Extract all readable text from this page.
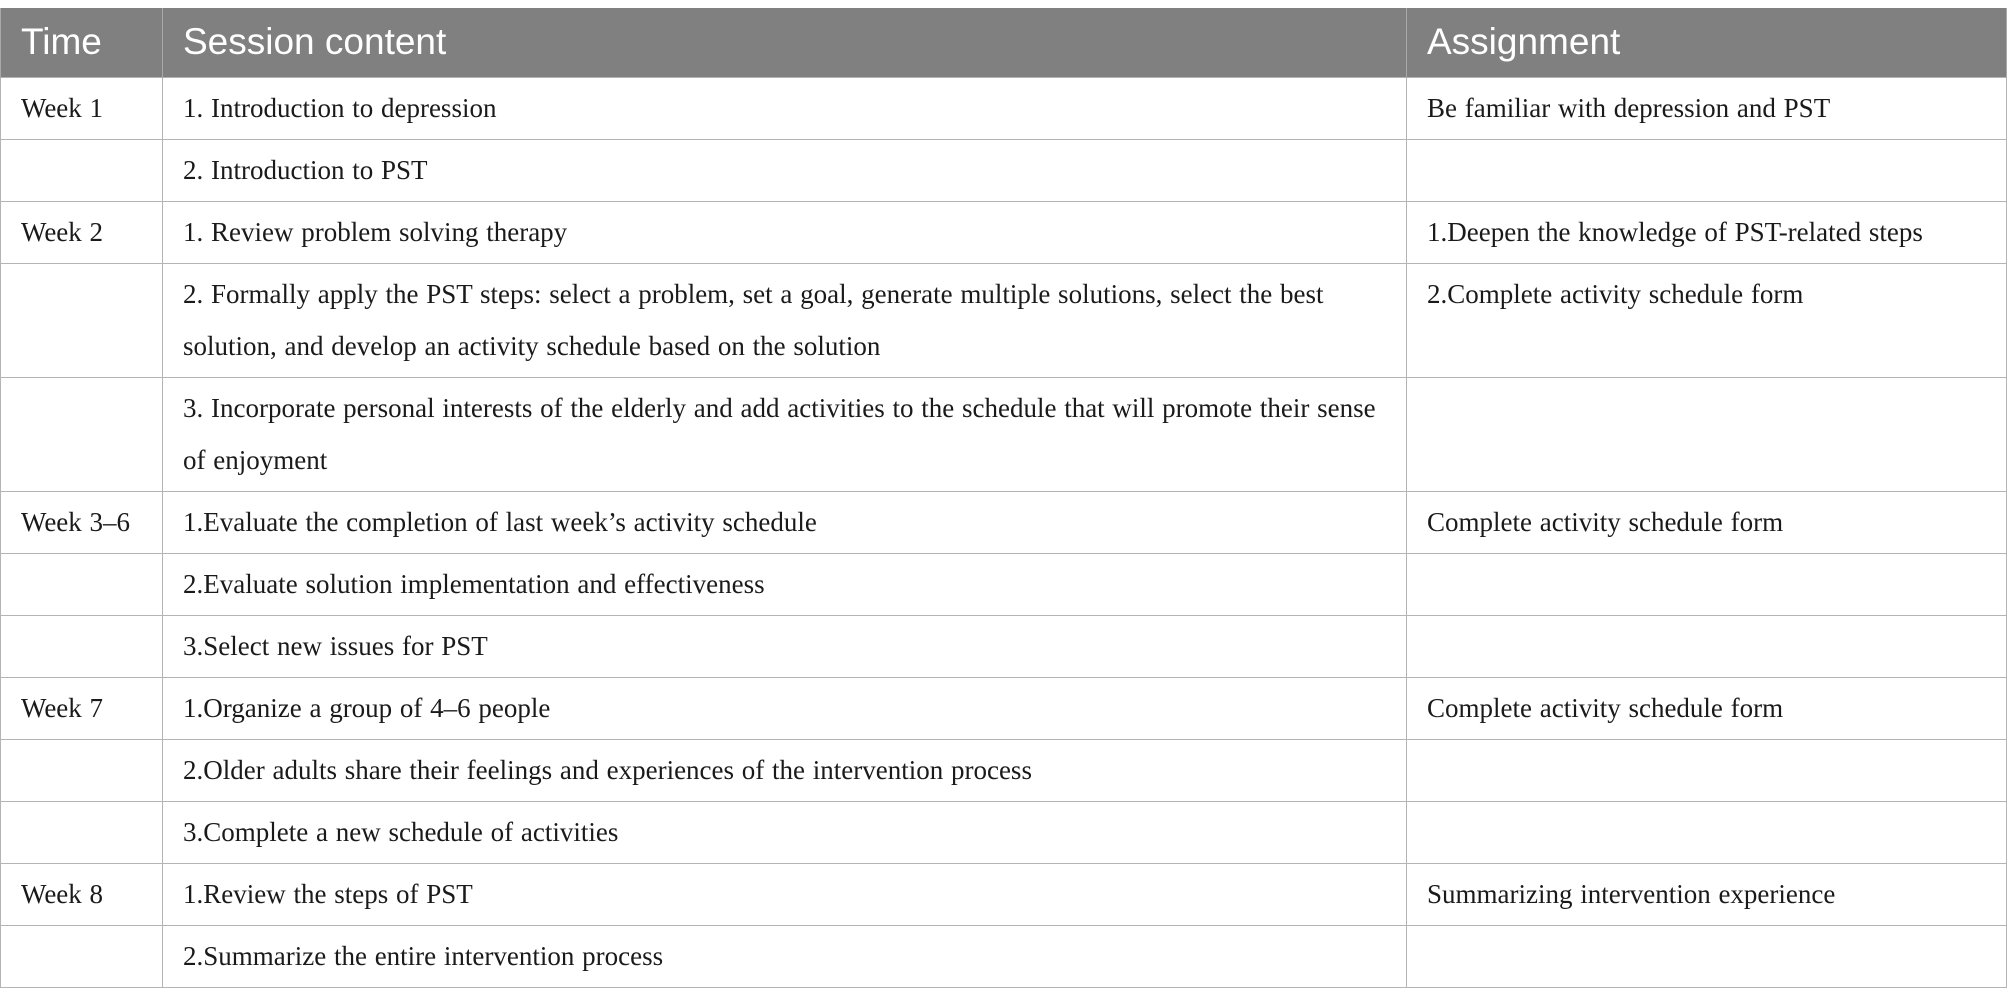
Time	Session content	Assignment
Week 1	1. Introduction to depression	Be familiar with depression and PST
	2. Introduction to PST	
Week 2	1. Review problem solving therapy	1.Deepen the knowledge of PST-related steps
	2. Formally apply the PST steps: select a problem, set a goal, generate multiple solutions, select the best solution, and develop an activity schedule based on the solution	2.Complete activity schedule form
	3. Incorporate personal interests of the elderly and add activities to the schedule that will promote their sense of enjoyment	
Week 3–6	1.Evaluate the completion of last week’s activity schedule	Complete activity schedule form
	2.Evaluate solution implementation and effectiveness	
	3.Select new issues for PST	
Week 7	1.Organize a group of 4–6 people	Complete activity schedule form
	2.Older adults share their feelings and experiences of the intervention process	
	3.Complete a new schedule of activities	
Week 8	1.Review the steps of PST	Summarizing intervention experience
	2.Summarize the entire intervention process	
